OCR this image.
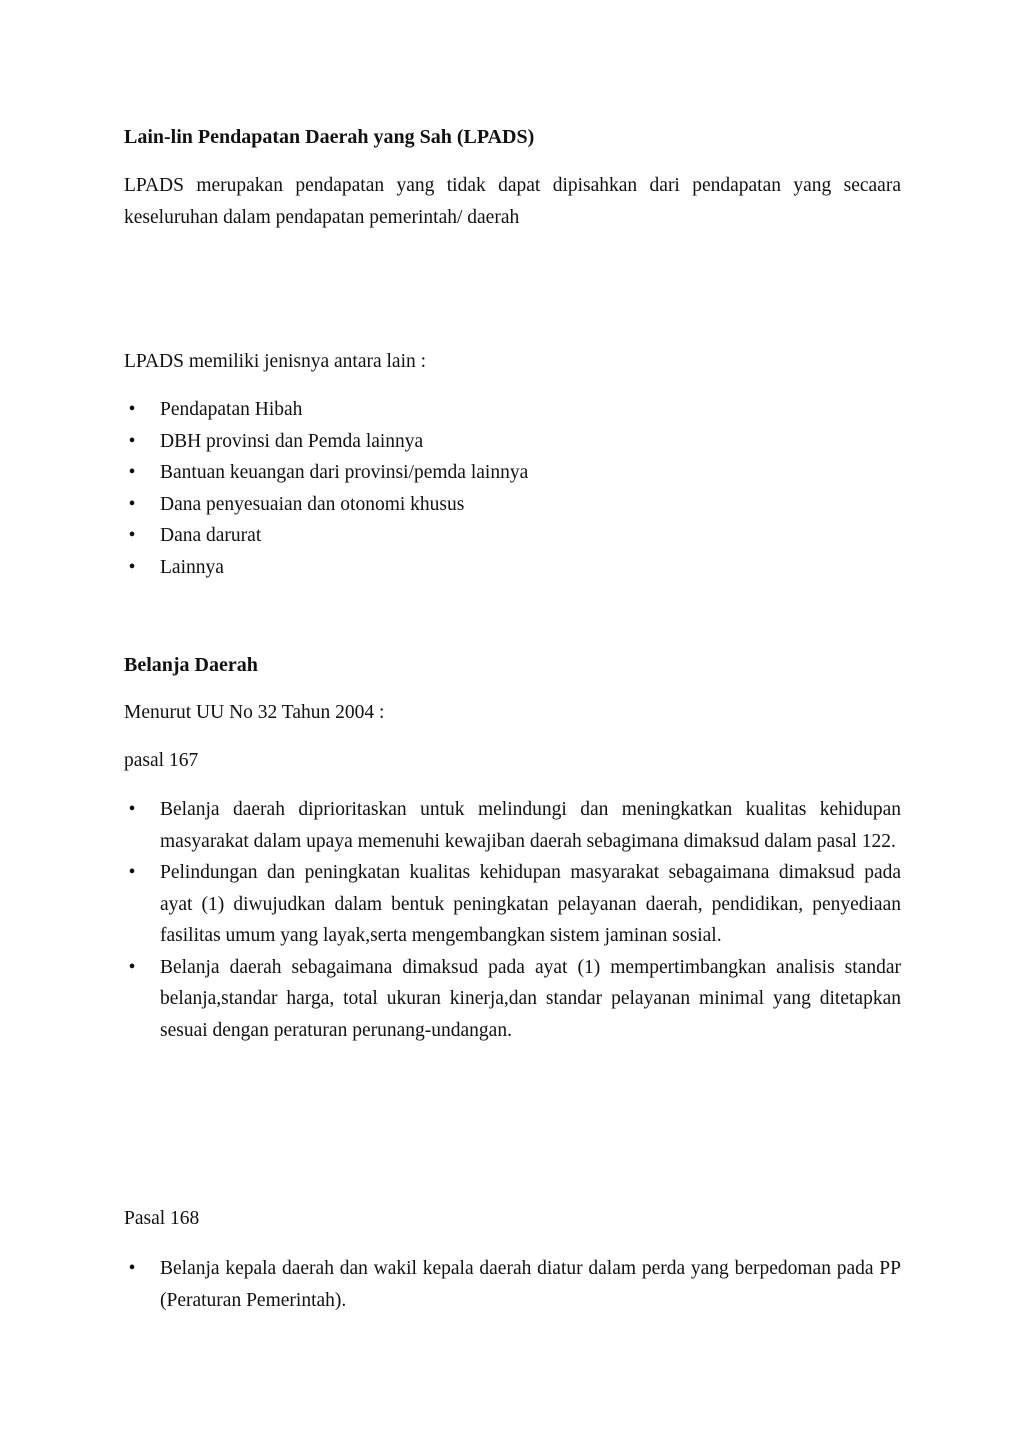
Lain-lin Pendapatan Daerah yang Sah (LPADS)

LPADS merupakan pendapatan yang tidak dapat dipisahkan dari pendapatan yang secaara keseluruhan dalam pendapatan pemerintah/ daerah

LPADS memiliki jenisnya antara lain :

• Pendapatan Hibah
• DBH provinsi dan Pemda lainnya
• Bantuan keuangan dari provinsi/pemda lainnya
• Dana penyesuaian dan otonomi khusus
• Dana darurat
• Lainnya
Belanja Daerah

Menurut UU No 32 Tahun 2004 :

pasal 167

• Belanja daerah diprioritaskan untuk melindungi dan meningkatkan kualitas kehidupan masyarakat dalam upaya memenuhi kewajiban daerah sebagimana dimaksud dalam pasal 122.
• Pelindungan dan peningkatan kualitas kehidupan masyarakat sebagaimana dimaksud pada ayat (1) diwujudkan dalam bentuk peningkatan pelayanan daerah, pendidikan, penyediaan fasilitas umum yang layak,serta mengembangkan sistem jaminan sosial.
• Belanja daerah sebagaimana dimaksud pada ayat (1) mempertimbangkan analisis standar belanja,standar harga, total ukuran kinerja,dan standar pelayanan minimal yang ditetapkan sesuai dengan peraturan perunang-undangan.

Pasal 168

• Belanja kepala daerah dan wakil kepala daerah diatur dalam perda yang berpedoman pada PP (Peraturan Pemerintah).
